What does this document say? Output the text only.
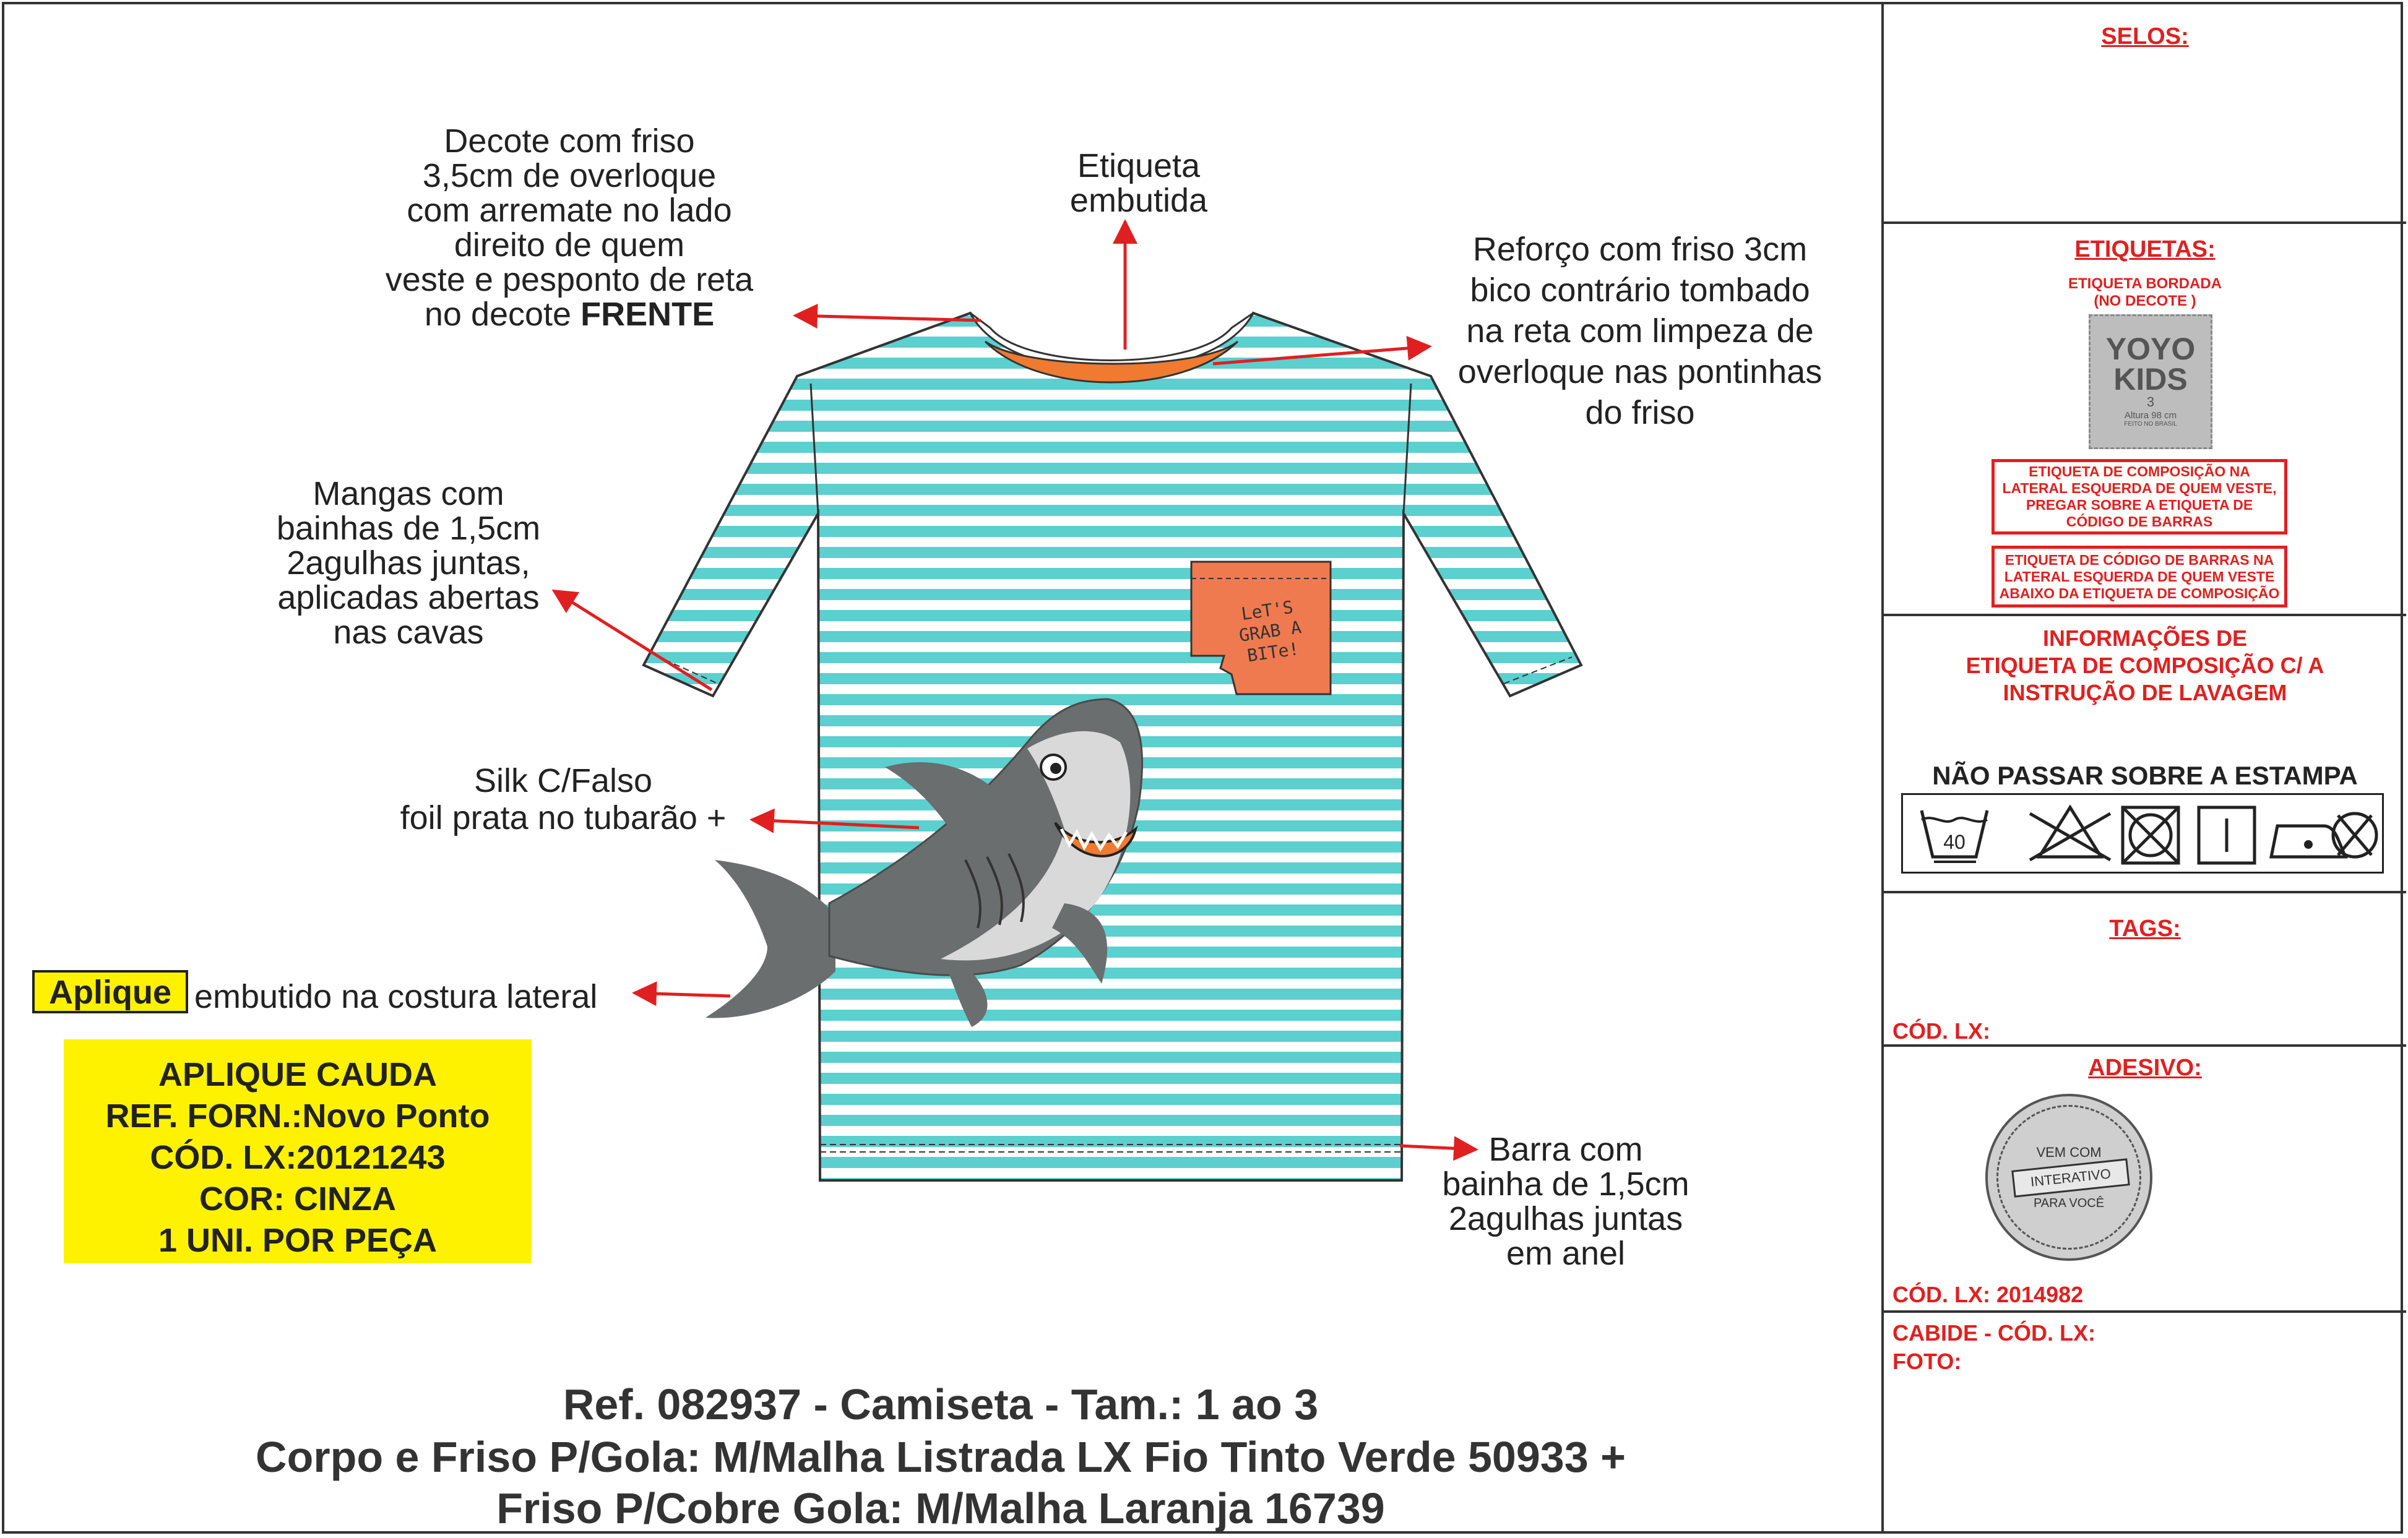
LeT'S
GRAB A
BITe!
Decote com friso
3,5cm de overloque
com arremate no lado
direito de quem
veste e pesponto de reta
no decote FRENTE
Etiqueta
embutida
Reforço com friso 3cm
bico contrário tombado
na reta com limpeza de
overloque nas pontinhas
do friso
Mangas com
bainhas de 1,5cm
2agulhas juntas,
aplicadas abertas
nas cavas
Silk C/Falso
foil prata no tubarão +
Aplique embutido na costura lateral
Barra com
bainha de 1,5cm
2agulhas juntas
em anel
APLIQUE CAUDA
REF. FORN.:Novo Ponto
CÓD. LX:20121243
COR: CINZA
1 UNI. POR PEÇA
Ref. 082937 - Camiseta - Tam.: 1 ao 3
Corpo e Friso P/Gola: M/Malha Listrada LX Fio Tinto Verde 50933 +
Friso P/Cobre Gola: M/Malha Laranja 16739
SELOS:
ETIQUETAS:
ETIQUETA BORDADA
(NO DECOTE )
YOYO
KIDS
3
Altura 98 cm
FEITO NO BRASIL
ETIQUETA DE COMPOSIÇÃO NA LATERAL ESQUERDA DE QUEM VESTE, PREGAR SOBRE A ETIQUETA DE CÓDIGO DE BARRAS
ETIQUETA DE CÓDIGO DE BARRAS NA LATERAL ESQUERDA DE QUEM VESTE ABAIXO DA ETIQUETA DE COMPOSIÇÃO
INFORMAÇÕES DE
ETIQUETA DE COMPOSIÇÃO C/ A
INSTRUÇÃO DE LAVAGEM
NÃO PASSAR SOBRE A ESTAMPA
40
TAGS:
CÓD. LX:
ADESIVO:
VEM COM
INTERATIVO
PARA VOCÊ
CÓD. LX: 2014982
CABIDE - CÓD. LX:
FOTO:
